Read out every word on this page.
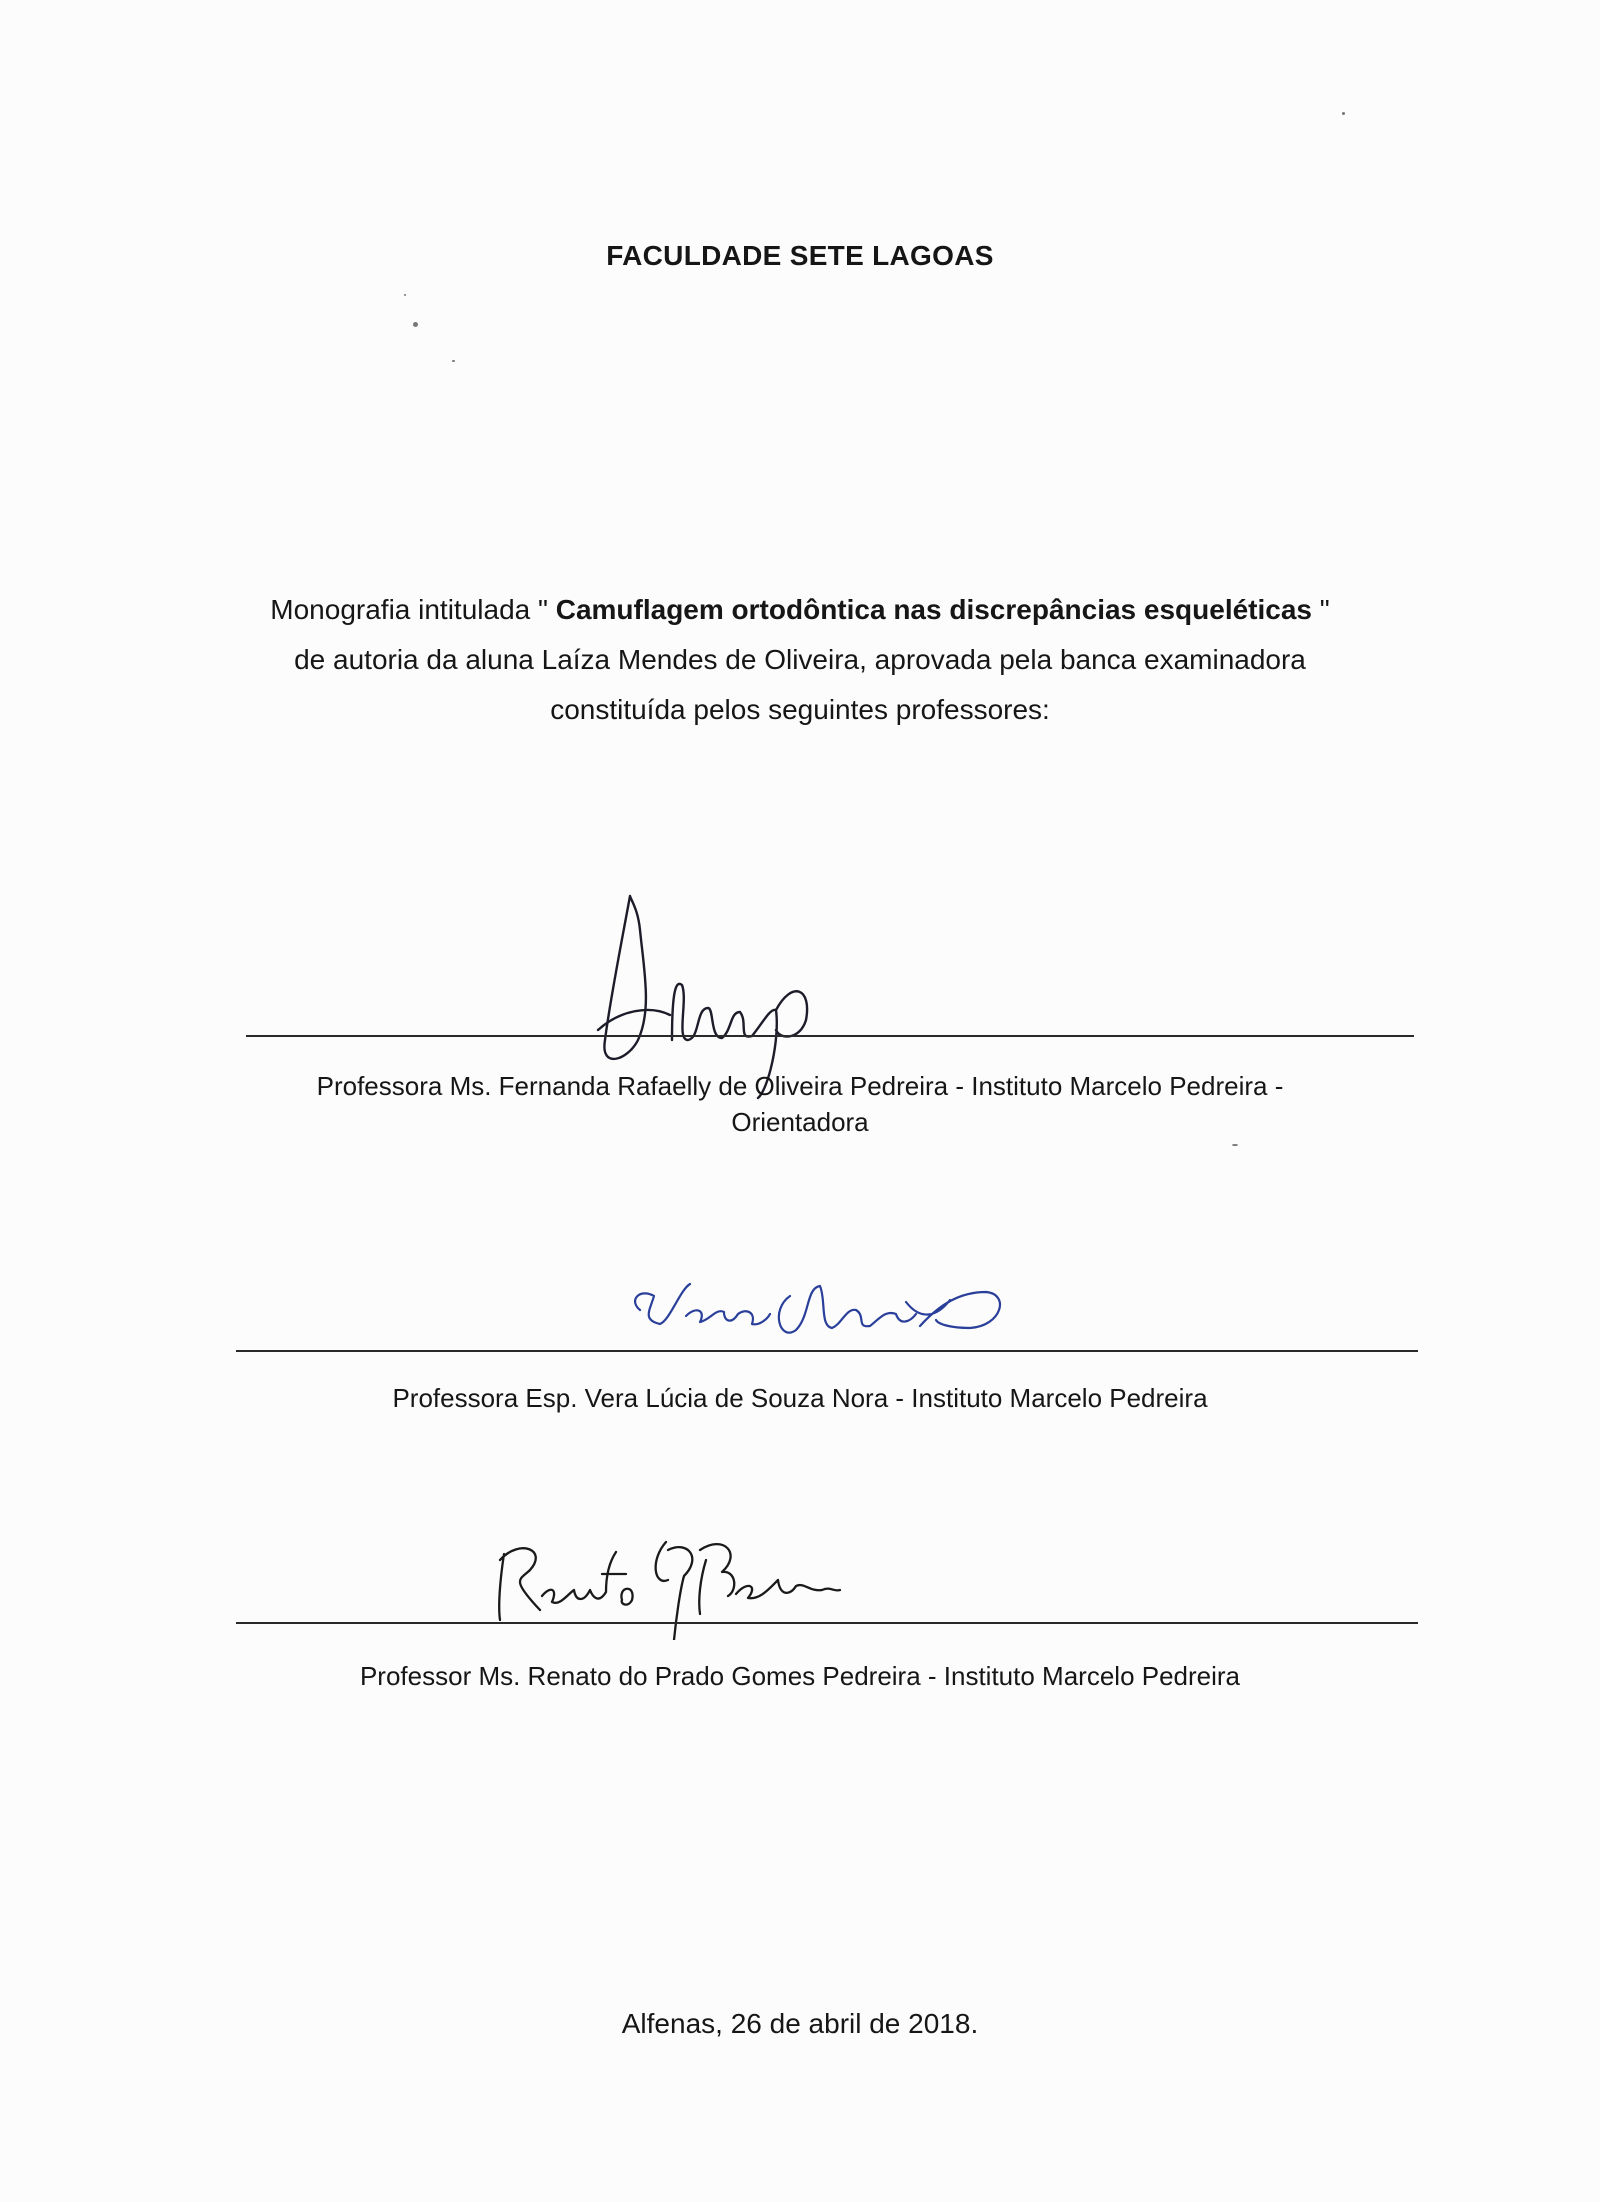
FACULDADE SETE LAGOAS
Monografia intitulada " Camuflagem ortodôntica nas discrepâncias esqueléticas "
de autoria da aluna Laíza Mendes de Oliveira, aprovada pela banca examinadora
constituída pelos seguintes professores:
Professora Ms. Fernanda Rafaelly de Oliveira Pedreira - Instituto Marcelo Pedreira -
Orientadora
Professora Esp. Vera Lúcia de Souza Nora - Instituto Marcelo Pedreira
Professor Ms. Renato do Prado Gomes Pedreira - Instituto Marcelo Pedreira
Alfenas, 26 de abril de 2018.
